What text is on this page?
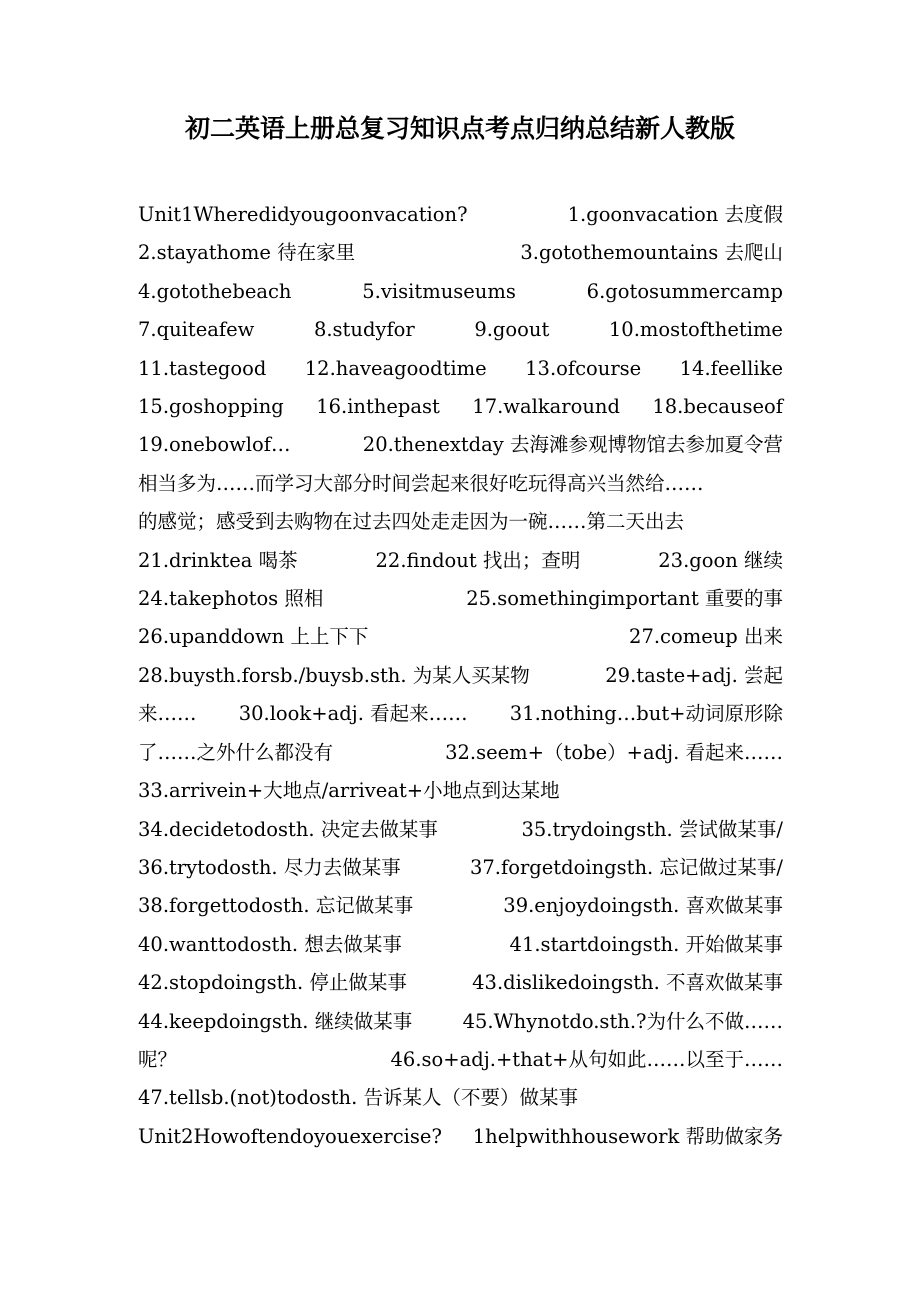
初二英语上册总复习知识点考点归纳总结新人教版
Unit1Wheredidyougoonvacation?	1.goonvacation 去度假
2.stayathome 待在家里	3.gotothemountains 去爬山
4.gotothebeach	5.visitmuseums	6.gotosummercamp
7.quiteafew	8.studyfor	9.goout	10.mostofthetime
11.tastegood 12.haveagoodtime 13.ofcourse 14.feellike
15.goshopping 16.inthepast 17.walkaround 18.becauseof
19.onebowlof…	20.thenextday 去海滩参观博物馆去参加夏令营
相当多为……而学习大部分时间尝起来很好吃玩得高兴当然给……
的感觉；感受到去购物在过去四处走走因为一碗……第二天出去
21.drinktea 喝茶	22.findout 找出；查明	23.goon 继续
24.takephotos 照相	25.somethingimportant 重要的事
26.upanddown 上上下下	27.comeup 出来
28.buysth.forsb./buysb.sth. 为某人买某物	29.taste+adj. 尝起
来…… 30.look+adj. 看起来…… 31.nothing…but+动词原形除
了……之外什么都没有	32.seem+（tobe）+adj. 看起来……
33.arrivein+大地点/arriveat+小地点到达某地
34.decidetodosth. 决定去做某事	35.trydoingsth. 尝试做某事/
36.trytodosth. 尽力去做某事	37.forgetdoingsth. 忘记做过某事/
38.forgettodosth. 忘记做某事	39.enjoydoingsth. 喜欢做某事
40.wanttodosth. 想去做某事	41.startdoingsth. 开始做某事
42.stopdoingsth. 停止做某事	43.dislikedoingsth. 不喜欢做某事
44.keepdoingsth. 继续做某事	45.Whynotdo.sth.?为什么不做……
呢？	46.so+adj.+that+从句如此……以至于……
47.tellsb.(not)todosth. 告诉某人（不要）做某事
Unit2Howoftendoyouexercise? 1helpwithhousework 帮助做家务
